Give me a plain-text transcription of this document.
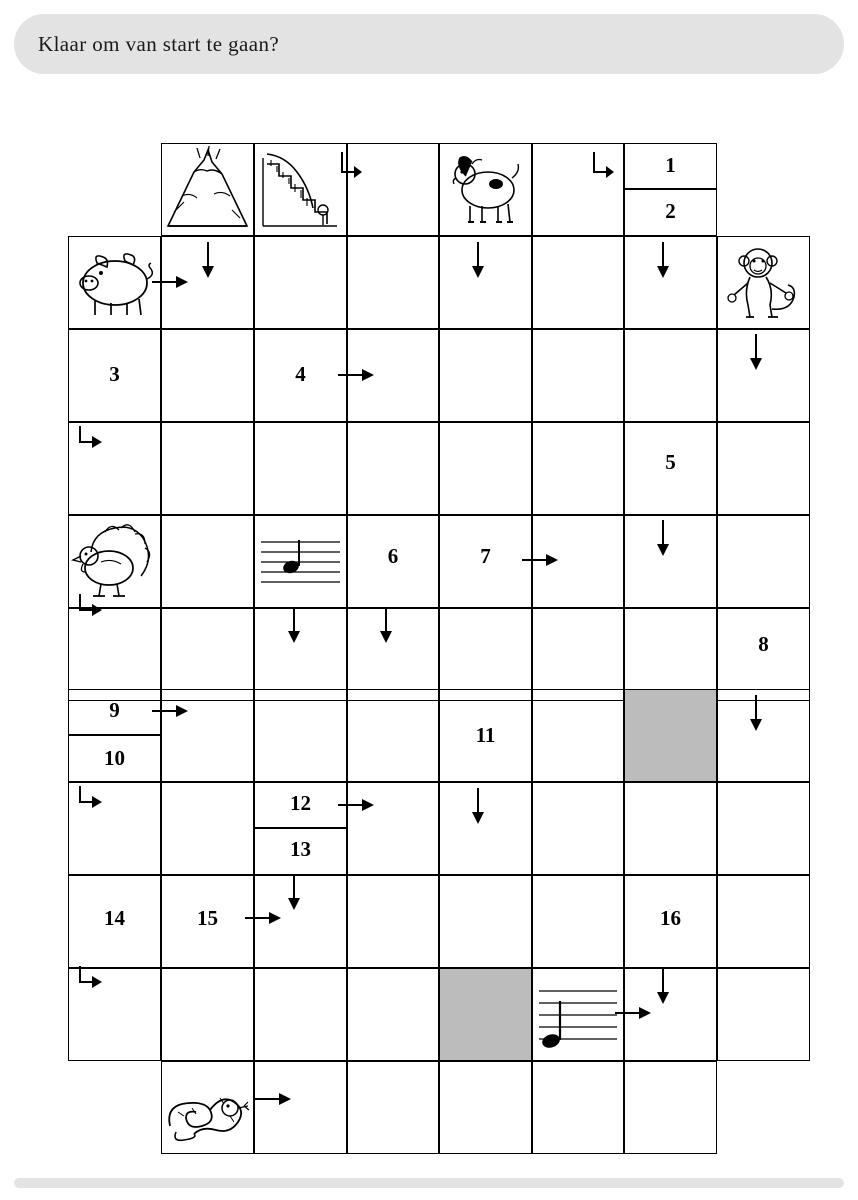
Klaar om van start te gaan?
1
2
3	4
5
6	7
8
9
10
11
12
13
14	15	16
